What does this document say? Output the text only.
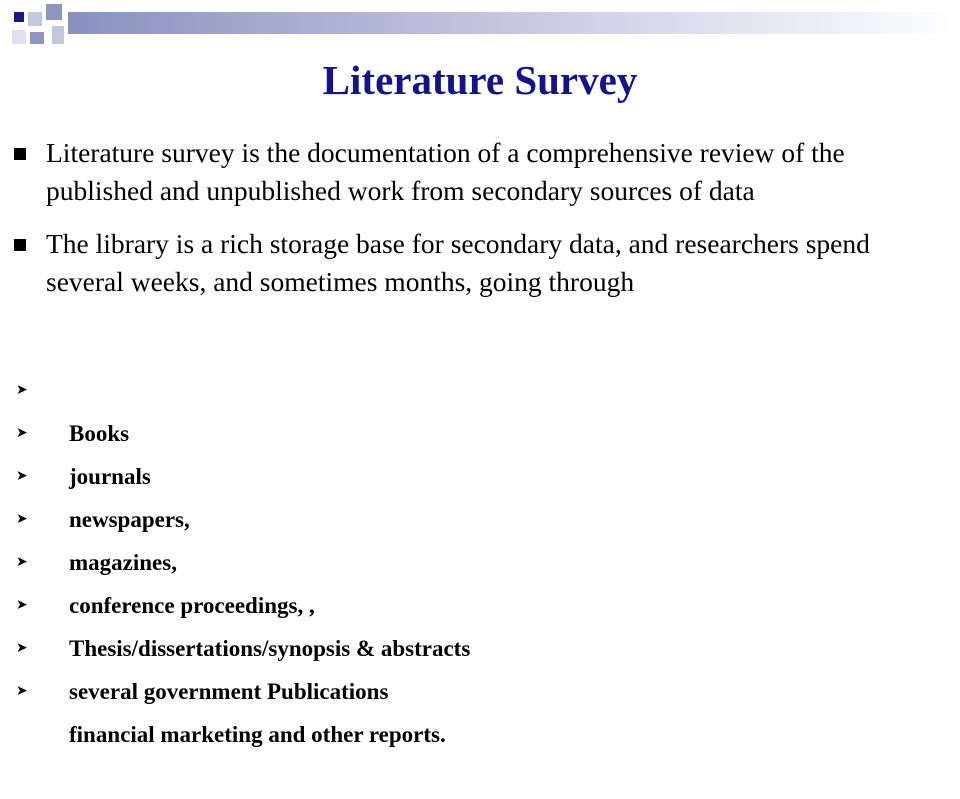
Literature Survey
Literature survey is the documentation of a comprehensive review of the published and unpublished work from secondary sources of data
The library is a rich storage base for secondary data, and researchers spend several weeks, and sometimes months, going through

➤
Books

➤
journals

➤
newspapers,

➤
magazines,

➤
conference proceedings, ,

➤
Thesis/dissertations/synopsis & abstracts

➤
several government Publications

➤
financial marketing and other reports.
